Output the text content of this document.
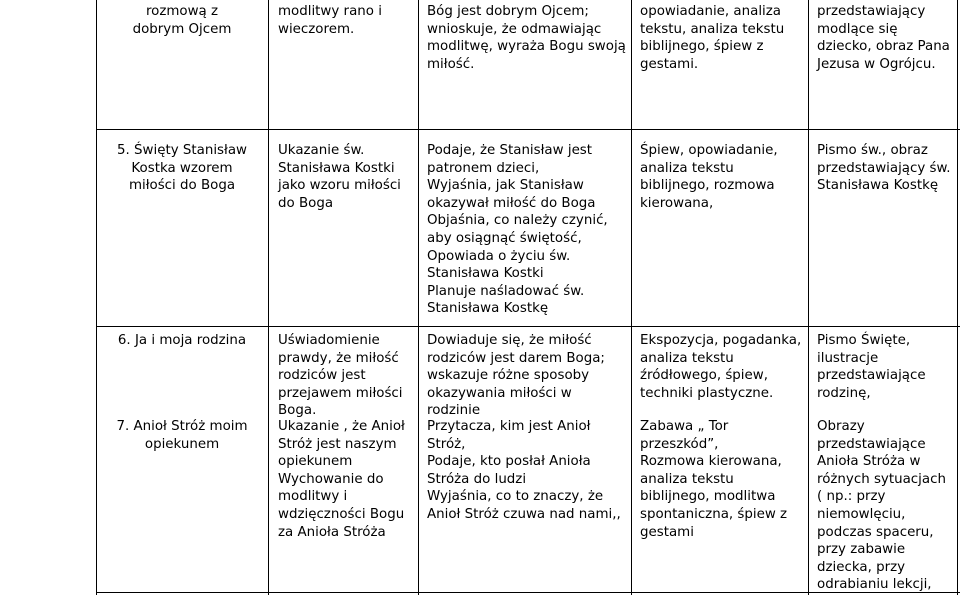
rozmową z
dobrym Ojcem
modlitwy rano i
wieczorem.
Bóg jest dobrym Ojcem;
wnioskuje, że odmawiając
modlitwę, wyraża Bogu swoją
miłość.
opowiadanie, analiza
tekstu, analiza tekstu
biblijnego, śpiew z
gestami.
przedstawiający
modlące się
dziecko, obraz Pana
Jezusa w Ogrójcu.
5. Święty Stanisław
Kostka wzorem
miłości do Boga
Ukazanie św.
Stanisława Kostki
jako wzoru miłości
do Boga
Podaje, że Stanisław jest
patronem dzieci,
Wyjaśnia, jak Stanisław
okazywał miłość do Boga
Objaśnia, co należy czynić,
aby osiągnąć świętość,
Opowiada o życiu św.
Stanisława Kostki
Planuje naśladować św.
Stanisława Kostkę
Śpiew, opowiadanie,
analiza tekstu
biblijnego, rozmowa
kierowana,
Pismo św., obraz
przedstawiający św.
Stanisława Kostkę
6. Ja i moja rodzina	Uświadomienie
prawdy, że miłość
rodziców jest
przejawem miłości
Boga.
Dowiaduje się, że miłość
rodziców jest darem Boga;
wskazuje różne sposoby
okazywania miłości w rodzinie
Ekspozycja, pogadanka,
analiza tekstu
źródłowego, śpiew,
techniki plastyczne.
Pismo Święte,
ilustracje
przedstawiające
rodzinę,
7. Anioł Stróż moim
opiekunem
Ukazanie , że Anioł
Stróż jest naszym
opiekunem
Wychowanie do
modlitwy i
wdzięczności Bogu
za Anioła Stróża
Przytacza, kim jest Anioł
Stróż,
Podaje, kto posłał Anioła
Stróża do ludzi
Wyjaśnia, co to znaczy, że
Anioł Stróż czuwa nad nami,,
Zabawa „ Tor
przeszkód”,
Rozmowa kierowana,
analiza tekstu
biblijnego, modlitwa
spontaniczna, śpiew z
gestami
Obrazy
przedstawiające
Anioła Stróża w
różnych sytuacjach
( np.: przy
niemowlęciu,
podczas spaceru,
przy zabawie
dziecka, przy
odrabianiu lekcji,
